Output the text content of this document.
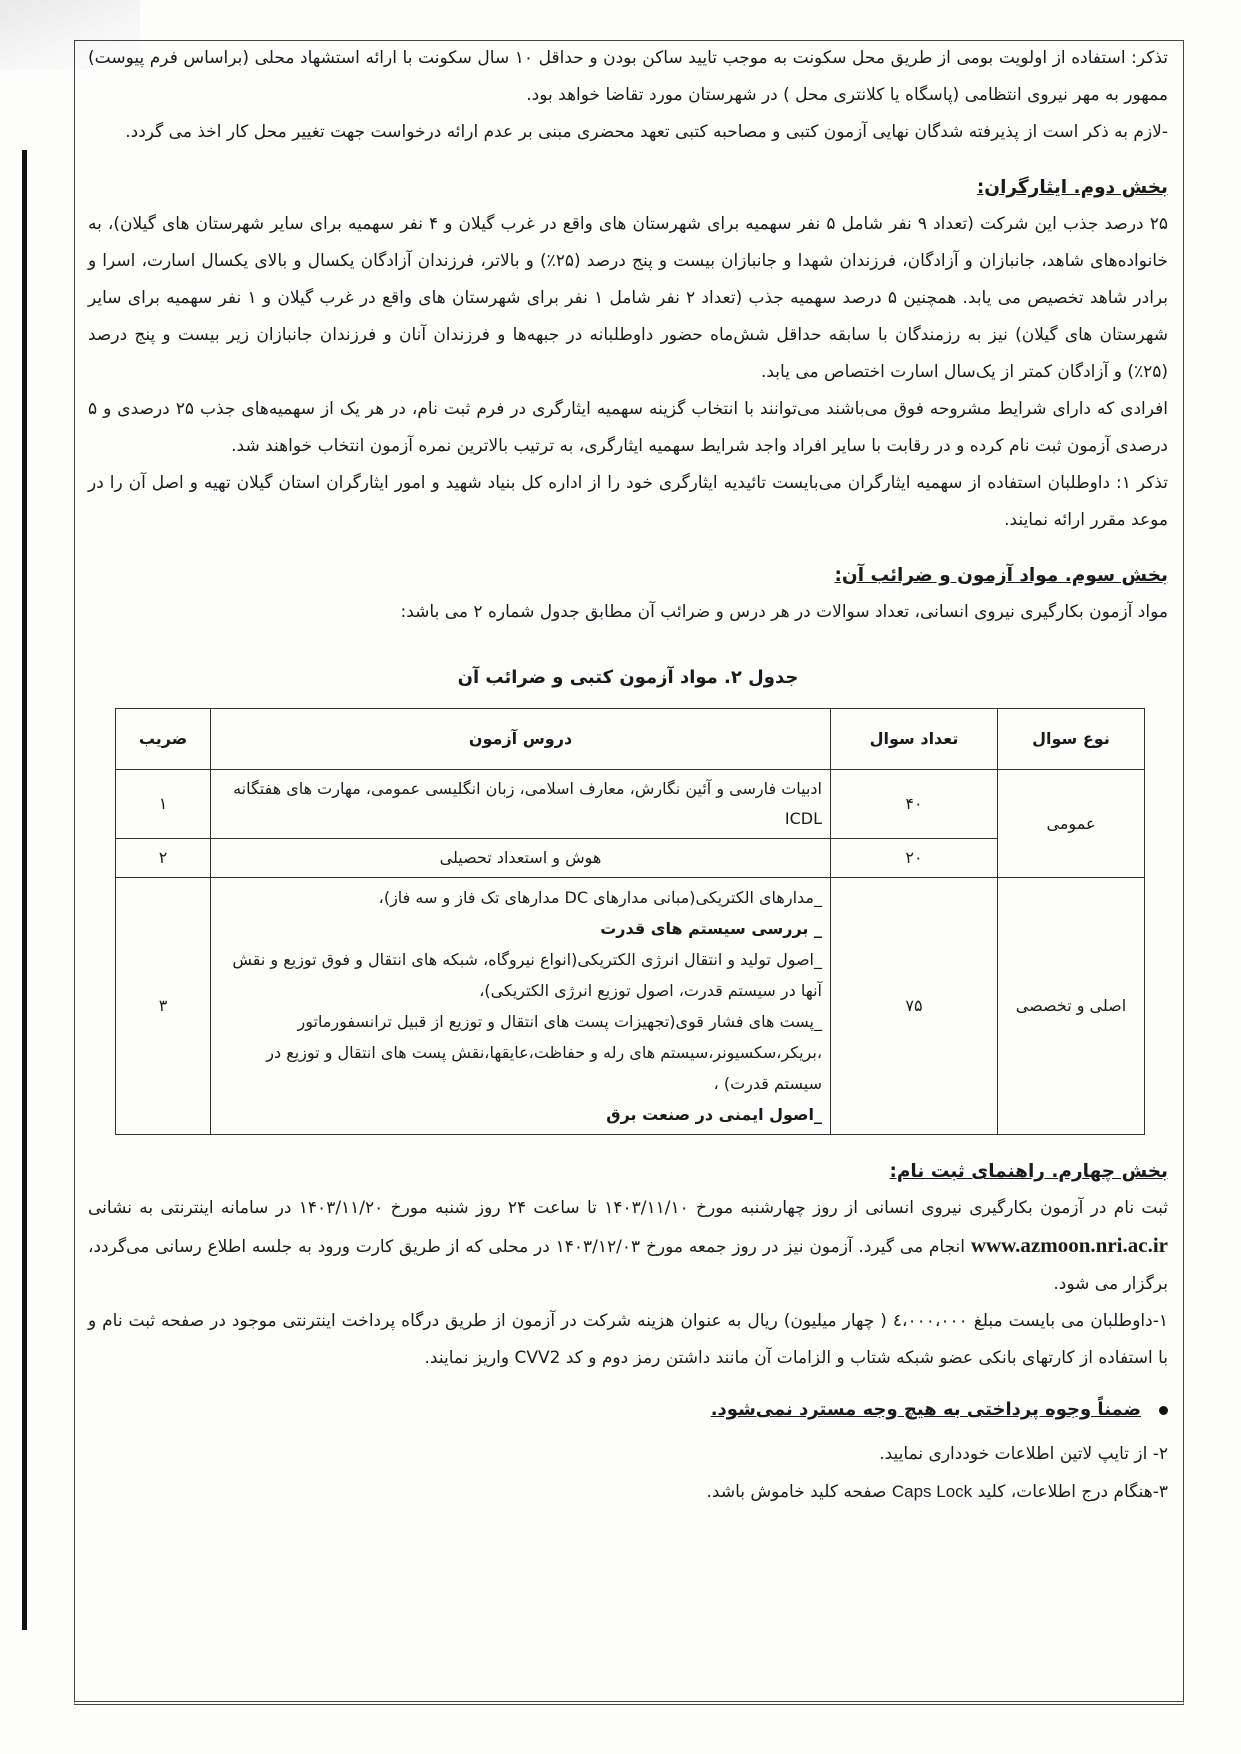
تذکر: استفاده از اولویت بومی از طریق محل سکونت به موجب تایید ساکن بودن و حداقل ۱۰ سال سکونت با ارائه استشهاد محلی (براساس فرم پیوست) ممهور به مهر نیروی انتظامی (پاسگاه یا کلانتری محل ) در شهرستان مورد تقاضا خواهد بود.

-لازم به ذکر است از پذیرفته شدگان نهایی آزمون کتبی و مصاحبه کتبی تعهد محضری مبنی بر عدم ارائه درخواست جهت تغییر محل کار اخذ می گردد.

بخش دوم. ایثارگران:

۲۵ درصد جذب این شرکت (تعداد ۹ نفر شامل ۵ نفر سهمیه برای شهرستان های واقع در غرب گیلان و ۴ نفر سهمیه برای سایر شهرستان های گیلان)، به خانواده‌های شاهد، جانبازان و آزادگان، فرزندان شهدا و جانبازان بیست و پنج درصد (۲۵٪) و بالاتر، فرزندان آزادگان یکسال و بالای یکسال اسارت، اسرا و برادر شاهد تخصیص می یابد. همچنین ۵ درصد سهمیه جذب (تعداد ۲ نفر شامل ۱ نفر برای شهرستان های واقع در غرب گیلان و ۱ نفر سهمیه برای سایر شهرستان های گیلان) نیز به رزمندگان با سابقه حداقل شش‌ماه حضور داوطلبانه در جبهه‌ها و فرزندان آنان و فرزندان جانبازان زیر بیست و پنج درصد (۲۵٪) و آزادگان کمتر از یک‌سال اسارت اختصاص می یابد.

افرادی که دارای شرایط مشروحه فوق می‌باشند می‌توانند با انتخاب گزینه سهمیه ایثارگری در فرم ثبت نام، در هر یک از سهمیه‌های جذب ۲۵ درصدی و ۵ درصدی آزمون ثبت نام کرده و در رقابت با سایر افراد واجد شرایط سهمیه ایثارگری، به ترتیب بالاترین نمره آزمون انتخاب خواهند شد.

تذکر ۱: داوطلبان استفاده از سهمیه ایثارگران می‌بایست تائیدیه ایثارگری خود را از اداره کل بنیاد شهید و امور ایثارگران استان گیلان تهیه و اصل آن را در موعد مقرر ارائه نمایند.

بخش سوم. مواد آزمون و ضرائب آن:

مواد آزمون بکارگیری نیروی انسانی، تعداد سوالات در هر درس و ضرائب آن مطابق جدول شماره ۲ می باشد:

جدول ۲. مواد آزمون کتبی و ضرائب آن

نوع سوال	تعداد سوال	دروس آزمون	ضریب
عمومی	۴۰	ادبیات فارسی و آئین نگارش، معارف اسلامی، زبان انگلیسی عمومی، مهارت های هفتگانه ICDL	۱
	۲۰	هوش و استعداد تحصیلی	۲
اصلی و تخصصی	۷۵	_مدارهای الکتریکی(مبانی مدارهای DC مدارهای تک فاز و سه فاز)،
_ بررسی سیستم های قدرت
_اصول تولید و انتقال انرژی الکتریکی(انواع نیروگاه، شبکه های انتقال و فوق توزیع و نقش آنها در سیستم قدرت، اصول توزیع انرژی الکتریکی)،
_پست های فشار قوی(تجهیزات پست های انتقال و توزیع از قبیل ترانسفورماتور ،بریکر،سکسیونر،سیستم های رله و حفاظت،عایقها،نقش پست های انتقال و توزیع در سیستم قدرت) ،
_اصول ایمنی در صنعت برق	۳

بخش چهارم. راهنمای ثبت نام:

ثبت نام در آزمون بکارگیری نیروی انسانی از روز چهارشنبه مورخ ۱۴۰۳/۱۱/۱۰ تا ساعت ۲۴ روز شنبه مورخ ۱۴۰۳/۱۱/۲۰ در سامانه اینترنتی به نشانی www.azmoon.nri.ac.ir انجام می گیرد. آزمون نیز در روز جمعه مورخ ۱۴۰۳/۱۲/۰۳ در محلی که از طریق کارت ورود به جلسه اطلاع رسانی می‌گردد، برگزار می شود.

۱-داوطلبان می بایست مبلغ ٤،٠٠٠،٠٠٠ ( چهار میلیون) ریال به عنوان هزینه شرکت در آزمون از طریق درگاه پرداخت اینترنتی موجود در صفحه ثبت نام و با استفاده از کارتهای بانکی عضو شبکه شتاب و الزامات آن مانند داشتن رمز دوم و کد CVV2 واریز نمایند.

ضمناً وجوه پرداختی به هیچ وجه مسترد نمی‌شود.

۲- از تایپ لاتین اطلاعات خودداری نمایید.

۳-هنگام درج اطلاعات، کلید Caps Lock صفحه کلید خاموش باشد.
